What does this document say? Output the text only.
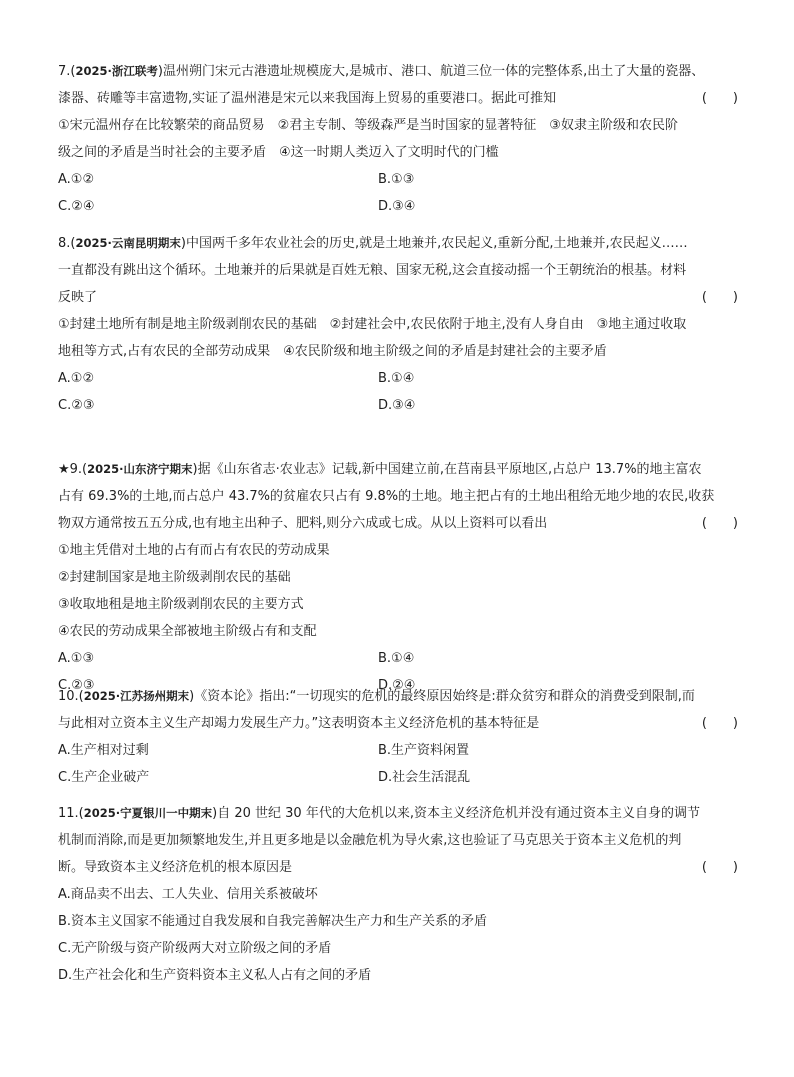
7.(2025·浙江联考)温州朔门宋元古港遗址规模庞大,是城市、港口、航道三位一体的完整体系,出土了大量的瓷器、
漆器、砖雕等丰富遗物,实证了温州港是宋元以来我国海上贸易的重要港口。据此可推知	(　　)
①宋元温州存在比较繁荣的商品贸易　②君主专制、等级森严是当时国家的显著特征　③奴隶主阶级和农民阶
级之间的矛盾是当时社会的主要矛盾　④这一时期人类迈入了文明时代的门槛
A.①②	B.①③
C.②④	D.③④
8.(2025·云南昆明期末)中国两千多年农业社会的历史,就是土地兼并,农民起义,重新分配,土地兼并,农民起义……
一直都没有跳出这个循环。土地兼并的后果就是百姓无粮、国家无税,这会直接动摇一个王朝统治的根基。材料
反映了	(　　)
①封建土地所有制是地主阶级剥削农民的基础　②封建社会中,农民依附于地主,没有人身自由　③地主通过收取
地租等方式,占有农民的全部劳动成果　④农民阶级和地主阶级之间的矛盾是封建社会的主要矛盾
A.①②	B.①④
C.②③	D.③④
★9.(2025·山东济宁期末)据《山东省志·农业志》记载,新中国建立前,在莒南县平原地区,占总户 13.7%的地主富农
占有 69.3%的土地,而占总户 43.7%的贫雇农只占有 9.8%的土地。地主把占有的土地出租给无地少地的农民,收获
物双方通常按五五分成,也有地主出种子、肥料,则分六成或七成。从以上资料可以看出	(　　)
①地主凭借对土地的占有而占有农民的劳动成果
②封建制国家是地主阶级剥削农民的基础
③收取地租是地主阶级剥削农民的主要方式
④农民的劳动成果全部被地主阶级占有和支配
A.①③	B.①④
C.②③	D.②④
10.(2025·江苏扬州期末)《资本论》指出:“一切现实的危机的最终原因始终是:群众贫穷和群众的消费受到限制,而
与此相对立资本主义生产却竭力发展生产力。”这表明资本主义经济危机的基本特征是	(　　)
A.生产相对过剩	B.生产资料闲置
C.生产企业破产	D.社会生活混乱
11.(2025·宁夏银川一中期末)自 20 世纪 30 年代的大危机以来,资本主义经济危机并没有通过资本主义自身的调节
机制而消除,而是更加频繁地发生,并且更多地是以金融危机为导火索,这也验证了马克思关于资本主义危机的判
断。导致资本主义经济危机的根本原因是	(　　)
A.商品卖不出去、工人失业、信用关系被破坏
B.资本主义国家不能通过自我发展和自我完善解决生产力和生产关系的矛盾
C.无产阶级与资产阶级两大对立阶级之间的矛盾
D.生产社会化和生产资料资本主义私人占有之间的矛盾
